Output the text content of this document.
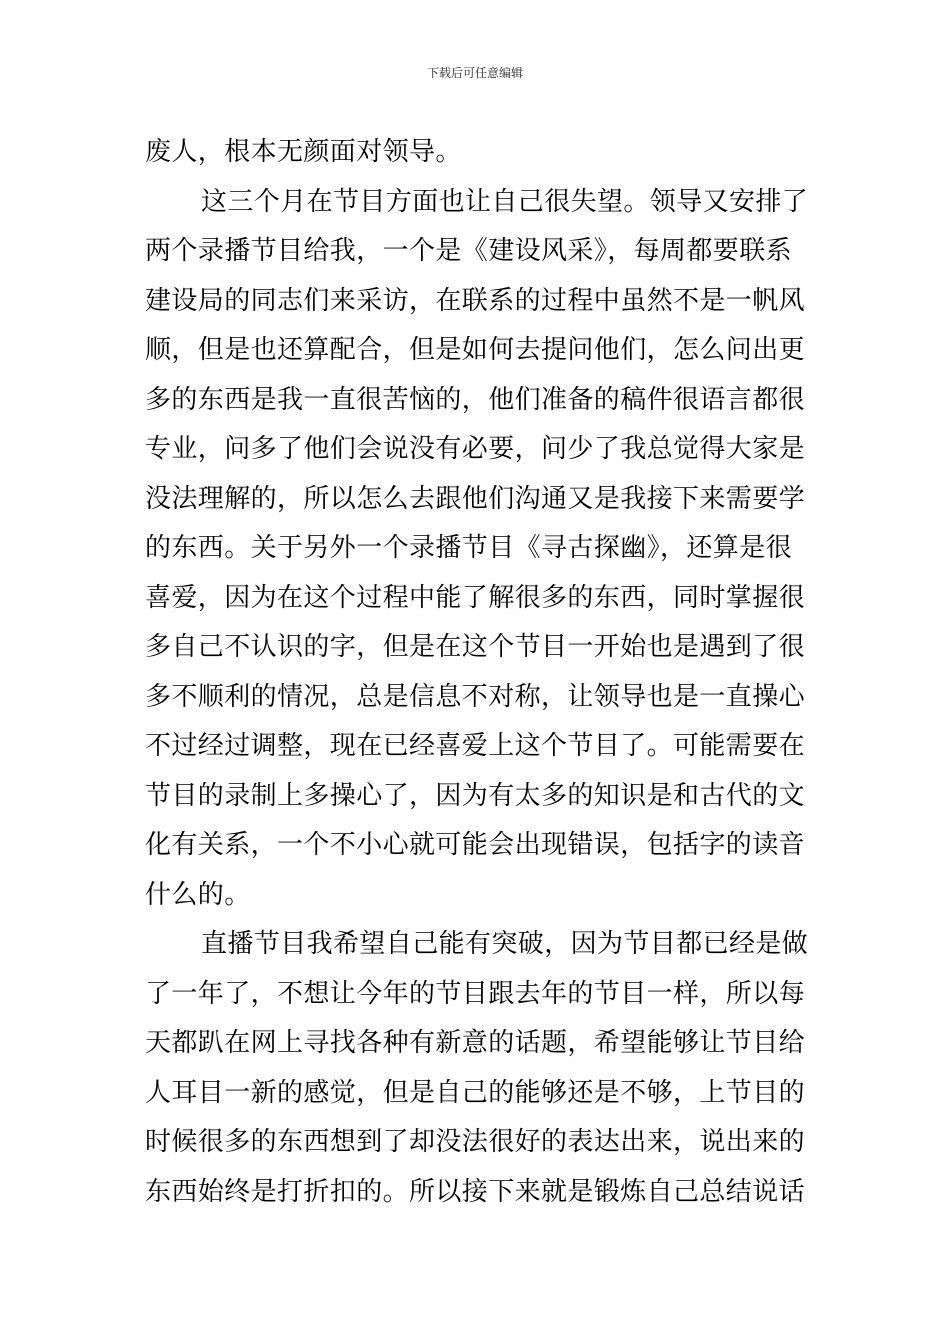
下载后可任意编辑
废人，根本无颜面对领导。
这三个月在节目方面也让自己很失望。领导又安排了
两个录播节目给我，一个是《建设风采》，每周都要联系
建设局的同志们来采访，在联系的过程中虽然不是一帆风
顺，但是也还算配合，但是如何去提问他们，怎么问出更
多的东西是我一直很苦恼的，他们准备的稿件很语言都很
专业，问多了他们会说没有必要，问少了我总觉得大家是
没法理解的，所以怎么去跟他们沟通又是我接下来需要学
的东西。关于另外一个录播节目《寻古探幽》，还算是很
喜爱，因为在这个过程中能了解很多的东西，同时掌握很
多自己不认识的字，但是在这个节目一开始也是遇到了很
多不顺利的情况，总是信息不对称，让领导也是一直操心
不过经过调整，现在已经喜爱上这个节目了。可能需要在
节目的录制上多操心了，因为有太多的知识是和古代的文
化有关系，一个不小心就可能会出现错误，包括字的读音
什么的。
直播节目我希望自己能有突破，因为节目都已经是做
了一年了，不想让今年的节目跟去年的节目一样，所以每
天都趴在网上寻找各种有新意的话题，希望能够让节目给
人耳目一新的感觉，但是自己的能够还是不够，上节目的
时候很多的东西想到了却没法很好的表达出来，说出来的
东西始终是打折扣的。所以接下来就是锻炼自己总结说话
